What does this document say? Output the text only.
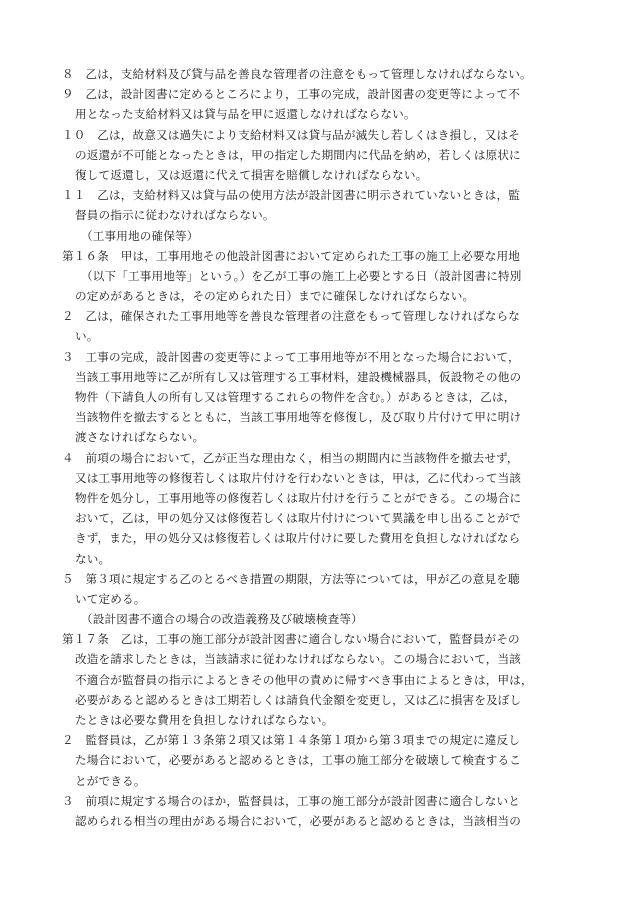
８　乙は，支給材料及び貸与品を善良な管理者の注意をもって管理しなければならない。
９　乙は，設計図書に定めるところにより，工事の完成，設計図書の変更等によって不
用となった支給材料又は貸与品を甲に返還しなければならない。
１０　乙は，故意又は過失により支給材料又は貸与品が滅失し若しくはき損し，又はそ
の返還が不可能となったときは，甲の指定した期間内に代品を納め，若しくは原状に
復して返還し，又は返還に代えて損害を賠償しなければならない。
１１　乙は，支給材料又は貸与品の使用方法が設計図書に明示されていないときは，監
督員の指示に従わなければならない。
（工事用地の確保等）
第１６条　甲は，工事用地その他設計図書において定められた工事の施工上必要な用地
（以下「工事用地等」という。）を乙が工事の施工上必要とする日（設計図書に特別
の定めがあるときは，その定められた日）までに確保しなければならない。
２　乙は，確保された工事用地等を善良な管理者の注意をもって管理しなければならな
い。
３　工事の完成，設計図書の変更等によって工事用地等が不用となった場合において，
当該工事用地等に乙が所有し又は管理する工事材料，建設機械器具，仮設物その他の
物件（下請負人の所有し又は管理するこれらの物件を含む。）があるときは，乙は，
当該物件を撤去するとともに，当該工事用地等を修復し，及び取り片付けて甲に明け
渡さなければならない。
４　前項の場合において，乙が正当な理由なく，相当の期間内に当該物件を撤去せず，
又は工事用地等の修復若しくは取片付けを行わないときは，甲は，乙に代わって当該
物件を処分し，工事用地等の修復若しくは取片付けを行うことができる。この場合に
おいて，乙は，甲の処分又は修復若しくは取片付けについて異議を申し出ることがで
きず，また，甲の処分又は修復若しくは取片付けに要した費用を負担しなければなら
ない。
５　第３項に規定する乙のとるべき措置の期限，方法等については，甲が乙の意見を聴
いて定める。
（設計図書不適合の場合の改造義務及び破壊検査等）
第１７条　乙は，工事の施工部分が設計図書に適合しない場合において，監督員がその
改造を請求したときは，当該請求に従わなければならない。この場合において，当該
不適合が監督員の指示によるときその他甲の責めに帰すべき事由によるときは，甲は，
必要があると認めるときは工期若しくは請負代金額を変更し，又は乙に損害を及ぼし
たときは必要な費用を負担しなければならない。
２　監督員は，乙が第１３条第２項又は第１４条第１項から第３項までの規定に違反し
た場合において，必要があると認めるときは，工事の施工部分を破壊して検査するこ
とができる。
３　前項に規定する場合のほか，監督員は，工事の施工部分が設計図書に適合しないと
認められる相当の理由がある場合において，必要があると認めるときは，当該相当の
